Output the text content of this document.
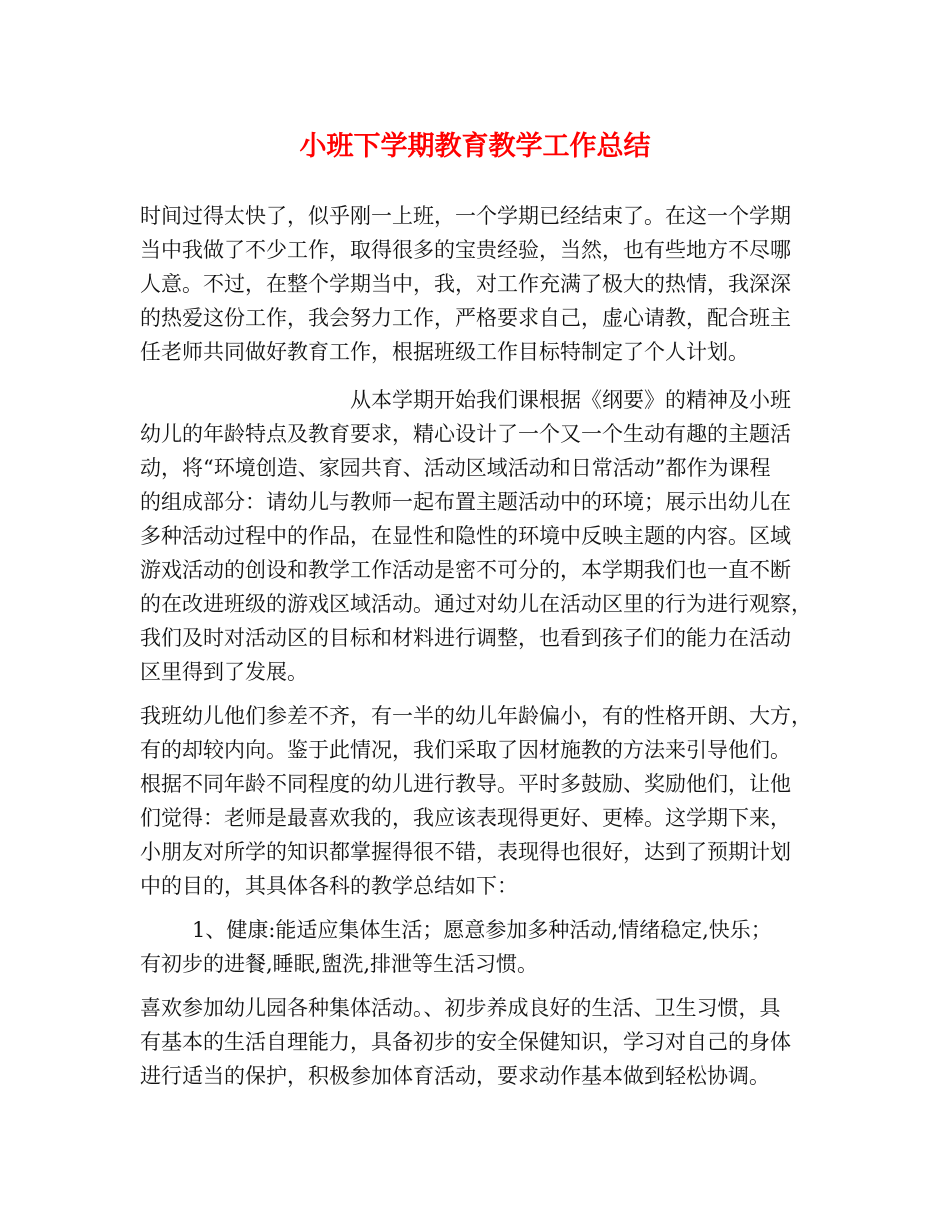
小班下学期教育教学工作总结
时间过得太快了，似乎刚一上班，一个学期已经结束了。在这一个学期
当中我做了不少工作，取得很多的宝贵经验，当然，也有些地方不尽哪
人意。不过，在整个学期当中，我，对工作充满了极大的热情，我深深
的热爱这份工作，我会努力工作，严格要求自己，虚心请教，配合班主
任老师共同做好教育工作，根据班级工作目标特制定了个人计划。
从本学期开始我们课根据《纲要》的精神及小班
幼儿的年龄特点及教育要求，精心设计了一个又一个生动有趣的主题活
动，将“环境创造、家园共育、活动区域活动和日常活动”都作为课程
的组成部分：请幼儿与教师一起布置主题活动中的环境；展示出幼儿在
多种活动过程中的作品，在显性和隐性的环境中反映主题的内容。区域
游戏活动的创设和教学工作活动是密不可分的，本学期我们也一直不断
的在改进班级的游戏区域活动。通过对幼儿在活动区里的行为进行观察，
我们及时对活动区的目标和材料进行调整，也看到孩子们的能力在活动
区里得到了发展。
我班幼儿他们参差不齐，有一半的幼儿年龄偏小，有的性格开朗、大方，
有的却较内向。鉴于此情况，我们采取了因材施教的方法来引导他们。
根据不同年龄不同程度的幼儿进行教导。平时多鼓励、奖励他们，让他
们觉得：老师是最喜欢我的，我应该表现得更好、更棒。这学期下来，
小朋友对所学的知识都掌握得很不错，表现得也很好，达到了预期计划
中的目的，其具体各科的教学总结如下：
1、健康:能适应集体生活；愿意参加多种活动,情绪稳定,快乐；
有初步的进餐,睡眠,盥洗,排泄等生活习惯。
喜欢参加幼儿园各种集体活动。、初步养成良好的生活、卫生习惯，具
有基本的生活自理能力，具备初步的安全保健知识，学习对自己的身体
进行适当的保护，积极参加体育活动，要求动作基本做到轻松协调。
